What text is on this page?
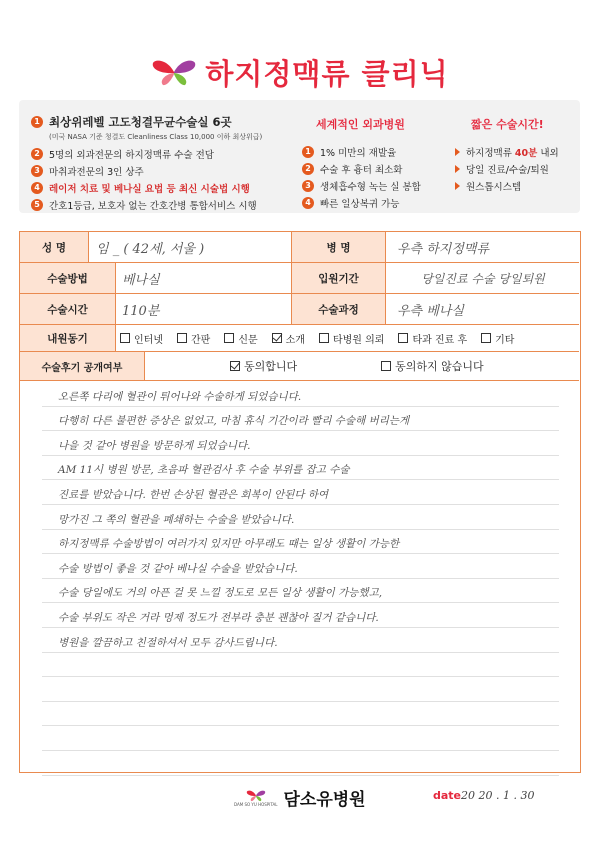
하지정맥류 클리닉
1 최상위레벨 고도청결무균수술실 6곳
(미국 NASA 기준 청결도 Cleanliness Class 10,000 이하 최상위급)
2 5명의 외과전문의 하지정맥류 수술 전담
3 마취과전문의 3인 상주
4 레이저 치료 및 베나실 요법 등 최신 시술법 시행
5 간호1등급, 보호자 없는 간호간병 통합서비스 시행
세계적인 외과병원
1 1% 미만의 재발율
2 수술 후 흉터 최소화
3 생체흡수형 녹는 실 봉합
4 빠른 일상복귀 가능
짧은 수술시간!
하지정맥류 40분 내외
당일 진료/수술/퇴원
원스톱시스템
성 명	임 _ ( 42세, 서울 )	병 명	우측 하지정맥류
수술방법	베나실	입원기간	당일진료 수술 당일퇴원
수술시간	110분	수술과정	우측 베나실
내원동기	인터넷	간판	신문	소개	타병원 의뢰	타과 진료 후	기타
수술후기 공개여부	동의합니다	동의하지 않습니다
오른쪽 다리에 혈관이 튀어나와 수술하게 되었습니다.
다행히 다른 불편한 증상은 없었고, 마침 휴식 기간이라 빨리 수술해 버리는게
나을 것 같아 병원을 방문하게 되었습니다.
AM 11시 병원 방문, 초음파 혈관검사 후 수술 부위를 잡고 수술
진료를 받았습니다. 한번 손상된 혈관은 회복이 안된다 하여
망가진 그 쪽의 혈관을 폐쇄하는 수술을 받았습니다.
하지정맥류 수술방법이 여러가지 있지만 아무래도 때는 일상 생활이 가능한
수술 방법이 좋을 것 같아 베나실 수술을 받았습니다.
수술 당일에도 거의 아픈 걸 못 느낄 정도로 모든 일상 생활이 가능했고,
수술 부위도 작은 거라 멍제 정도가 전부라 충분 괜찮아 질거 같습니다.
병원을 깔끔하고 친절하셔서 모두 감사드립니다.
DAM SO YU HOSPITAL 담소유병원	date 20 20 . 1 . 30
